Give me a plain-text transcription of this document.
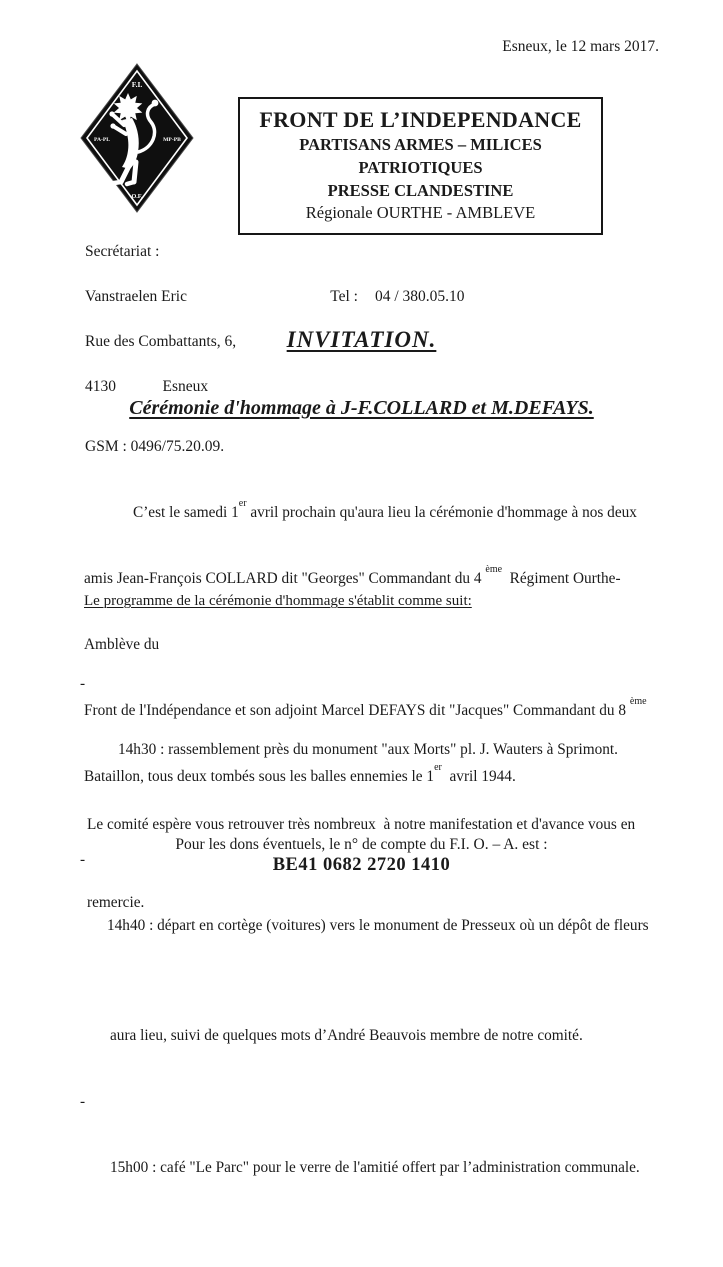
Esneux, le 12 mars 2017.
F.I.
PA-PL	MP-PB
O.F.
FRONT DE L’INDEPENDANCE
PARTISANS ARMES – MILICES PATRIOTIQUES
PRESSE CLANDESTINE
Régionale OURTHE - AMBLEVE

Secrétariat :

Vanstraelen Eric

Rue des Combattants, 6,

4130            Esneux

GSM : 0496/75.20.09.

Tel : 04 / 380.05.10

INVITATION.
Cérémonie d'hommage à J-F.COLLARD et M.DEFAYS.

C’est le samedi 1er avril prochain qu'aura lieu la cérémonie d'hommage à nos deux

amis Jean-François COLLARD dit "Georges" Commandant du 4 $^{ème}$  Régiment Ourthe-

Amblève du

Front de l'Indépendance et son adjoint Marcel DEFAYS dit "Jacques" Commandant du 8 $^{ème}$

Bataillon, tous deux tombés sous les balles ennemies le 1er  avril 1944.

Le programme de la cérémonie d'hommage s'établit comme suit:

-

14h30 : rassemblement près du monument "aux Morts" pl. J. Wauters à Sprimont.

-

14h40 : départ en cortège (voitures) vers le monument de Presseux où un dépôt de fleurs

aura lieu, suivi de quelques mots d’André Beauvois membre de notre comité.

-

15h00 : café "Le Parc" pour le verre de l'amitié offert par l’administration communale.

Le comité espère vous retrouver très nombreux  à notre manifestation et d'avance vous en

remercie.

Pour les dons éventuels, le n° de compte du F.I. O. – A. est :
BE41 0682 2720 1410
